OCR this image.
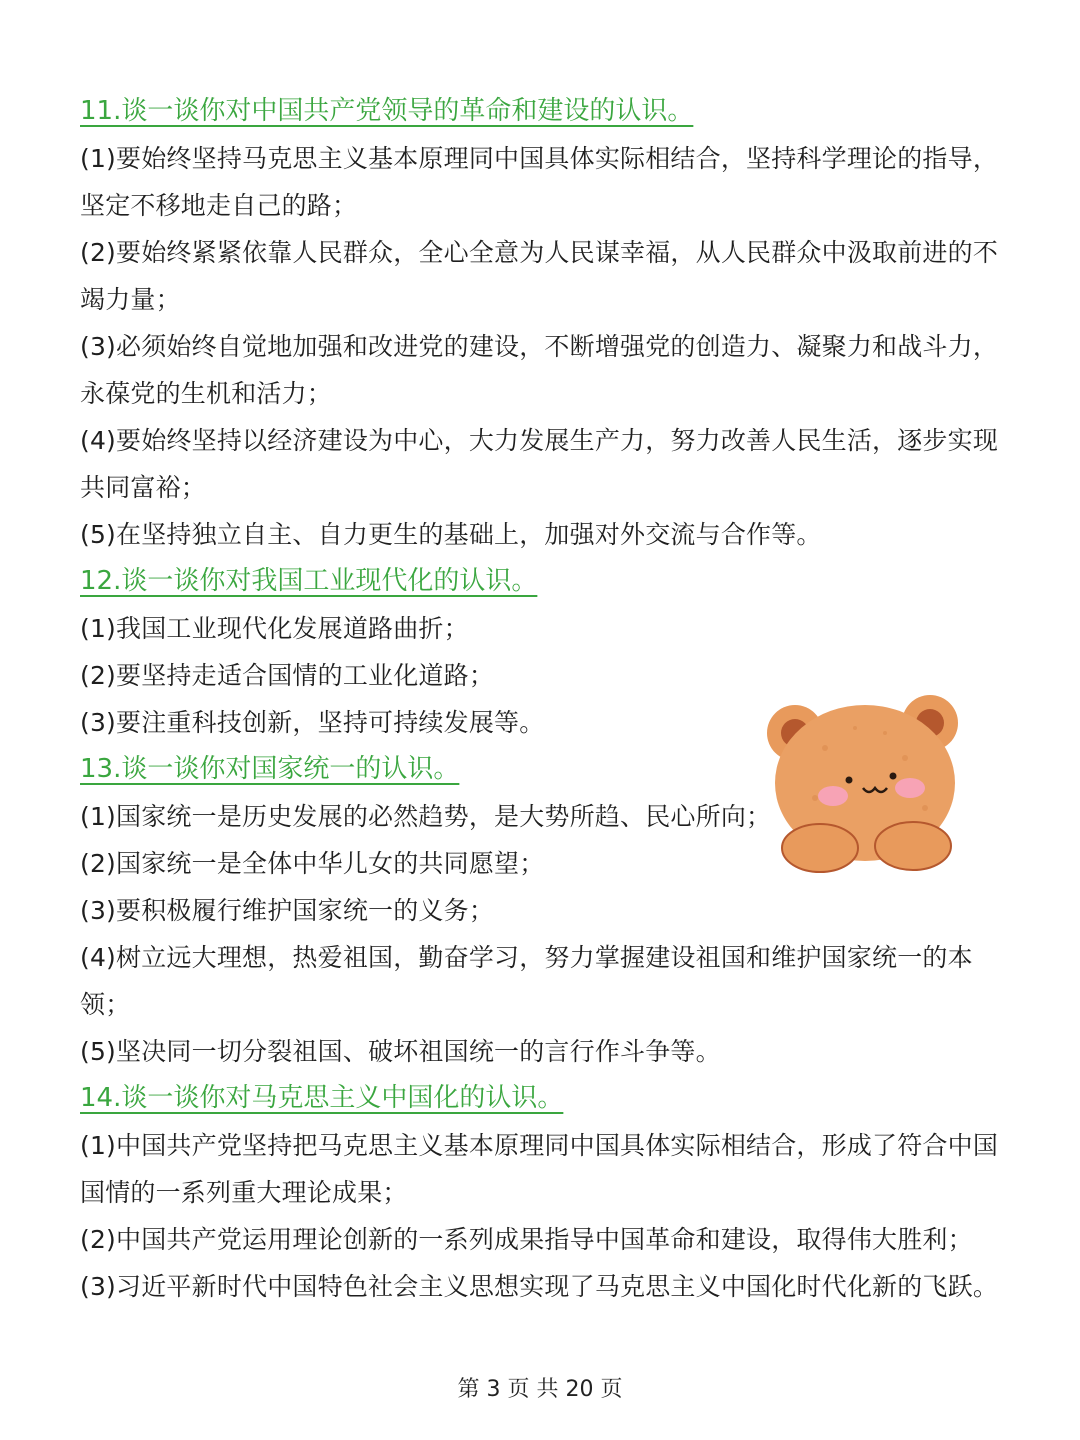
11.谈一谈你对中国共产党领导的革命和建设的认识。

(1)要始终坚持马克思主义基本原理同中国具体实际相结合，坚持科学理论的指导，坚定不移地走自己的路；

(2)要始终紧紧依靠人民群众，全心全意为人民谋幸福，从人民群众中汲取前进的不竭力量；

(3)必须始终自觉地加强和改进党的建设，不断增强党的创造力、凝聚力和战斗力，永葆党的生机和活力；

(4)要始终坚持以经济建设为中心，大力发展生产力，努力改善人民生活，逐步实现共同富裕；

(5)在坚持独立自主、自力更生的基础上，加强对外交流与合作等。

12.谈一谈你对我国工业现代化的认识。

(1)我国工业现代化发展道路曲折；

(2)要坚持走适合国情的工业化道路；

(3)要注重科技创新，坚持可持续发展等。

13.谈一谈你对国家统一的认识。

(1)国家统一是历史发展的必然趋势，是大势所趋、民心所向；

(2)国家统一是全体中华儿女的共同愿望；

(3)要积极履行维护国家统一的义务；

(4)树立远大理想，热爱祖国，勤奋学习，努力掌握建设祖国和维护国家统一的本领；

(5)坚决同一切分裂祖国、破坏祖国统一的言行作斗争等。

14.谈一谈你对马克思主义中国化的认识。

(1)中国共产党坚持把马克思主义基本原理同中国具体实际相结合，形成了符合中国国情的一系列重大理论成果；

(2)中国共产党运用理论创新的一系列成果指导中国革命和建设，取得伟大胜利；

(3)习近平新时代中国特色社会主义思想实现了马克思主义中国化时代化新的飞跃。

第 3 页 共 20 页
